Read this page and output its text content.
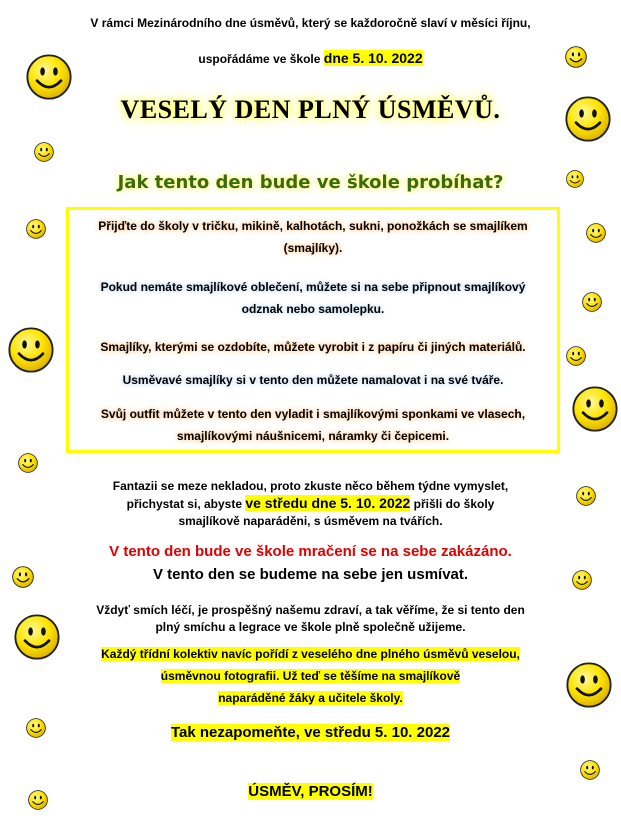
V rámci Mezinárodního dne úsměvů, který se každoročně slaví v měsíci říjnu,
uspořádáme ve škole dne 5. 10. 2022
VESELÝ DEN PLNÝ ÚSMĚVŮ.
Jak tento den bude ve škole probíhat?

Přijďte do školy v tričku, mikině, kalhotách, sukni, ponožkách se smajlíkem
(smajlíky).

Pokud nemáte smajlíkové oblečení, můžete si na sebe připnout smajlíkový
odznak nebo samolepku.

Smajlíky, kterými se ozdobíte, můžete vyrobit i z papíru či jiných materiálů.

Usměvavé smajlíky si v tento den můžete namalovat i na své tváře.

Svůj outfit můžete v tento den vyladit i smajlíkovými sponkami ve vlasech,
smajlíkovými náušnicemi, náramky či čepicemi.

Fantazii se meze nekladou, proto zkuste něco během týdne vymyslet,
přichystat si, abyste ve středu dne 5. 10. 2022 přišli do školy
smajlíkově naparáděni, s úsměvem na tvářích.
V tento den bude ve škole mračení se na sebe zakázáno.
V tento den se budeme na sebe jen usmívat.
Vždyť smích léčí, je prospěšný našemu zdraví, a tak věříme, že si tento den
plný smíchu a legrace ve škole plně společně užijeme.
Každý třídní kolektiv navíc pořídí z veselého dne plného úsměvů veselou,
úsměvnou fotografii. Už teď se těšíme na smajlíkově
naparáděné žáky a učitele školy.
Tak nezapomeňte, ve středu 5. 10. 2022
ÚSMĚV, PROSÍM!
